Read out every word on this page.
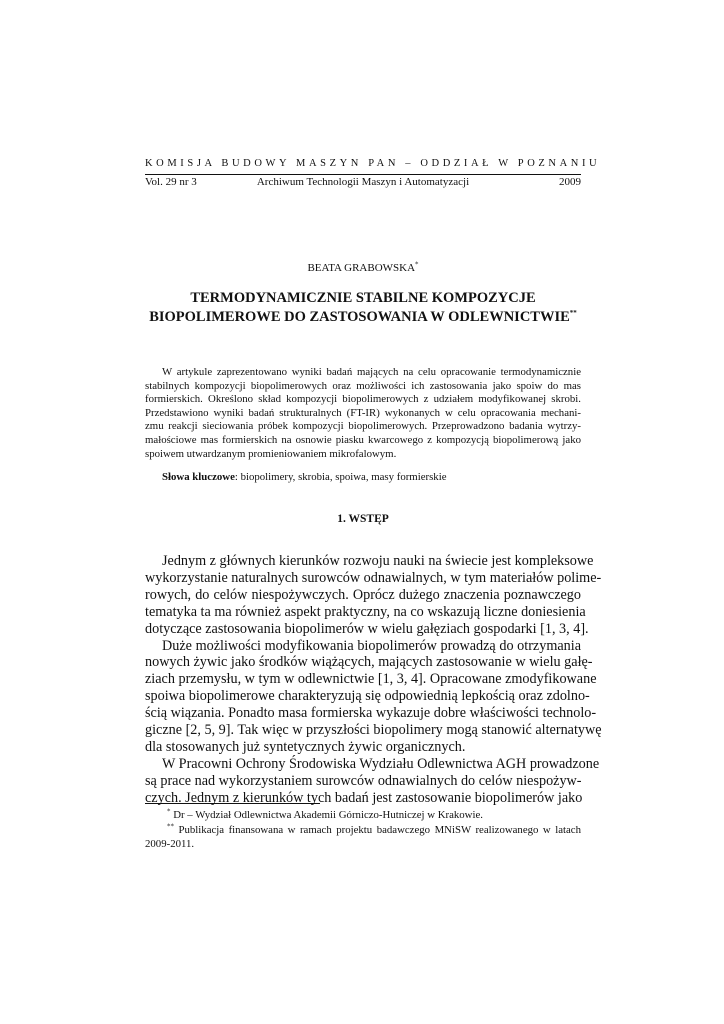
KOMISJA BUDOWY MASZYN PAN – ODDZIAŁ W POZNANIU
Vol. 29 nr 3	Archiwum Technologii Maszyn i Automatyzacji	2009
BEATA GRABOWSKA*
TERMODYNAMICZNIE STABILNE KOMPOZYCJE
BIOPOLIMEROWE DO ZASTOSOWANIA W ODLEWNICTWIE**
W artykule zaprezentowano wyniki badań mających na celu opracowanie termodynamicznie
stabilnych kompozycji biopolimerowych oraz możliwości ich zastosowania jako spoiw do mas
formierskich. Określono skład kompozycji biopolimerowych z udziałem modyfikowanej skrobi.
Przedstawiono wyniki badań strukturalnych (FT-IR) wykonanych w celu opracowania mechani-
zmu reakcji sieciowania próbek kompozycji biopolimerowych. Przeprowadzono badania wytrzy-
małościowe mas formierskich na osnowie piasku kwarcowego z kompozycją biopolimerową jako
spoiwem utwardzanym promieniowaniem mikrofalowym.
Słowa kluczowe: biopolimery, skrobia, spoiwa, masy formierskie
1. WSTĘP
Jednym z głównych kierunków rozwoju nauki na świecie jest kompleksowe
wykorzystanie naturalnych surowców odnawialnych, w tym materiałów polime-
rowych, do celów niespożywczych. Oprócz dużego znaczenia poznawczego
tematyka ta ma również aspekt praktyczny, na co wskazują liczne doniesienia
dotyczące zastosowania biopolimerów w wielu gałęziach gospodarki [1, 3, 4].
Duże możliwości modyfikowania biopolimerów prowadzą do otrzymania
nowych żywic jako środków wiążących, mających zastosowanie w wielu gałę-
ziach przemysłu, w tym w odlewnictwie [1, 3, 4]. Opracowane zmodyfikowane
spoiwa biopolimerowe charakteryzują się odpowiednią lepkością oraz zdolno-
ścią wiązania. Ponadto masa formierska wykazuje dobre właściwości technolo-
giczne [2, 5, 9]. Tak więc w przyszłości biopolimery mogą stanowić alternatywę
dla stosowanych już syntetycznych żywic organicznych.
W Pracowni Ochrony Środowiska Wydziału Odlewnictwa AGH prowadzone
są prace nad wykorzystaniem surowców odnawialnych do celów niespożyw-
czych. Jednym z kierunków tych badań jest zastosowanie biopolimerów jako
* Dr – Wydział Odlewnictwa Akademii Górniczo-Hutniczej w Krakowie.
** Publikacja finansowana w ramach projektu badawczego MNiSW realizowanego w latach
2009-2011.
